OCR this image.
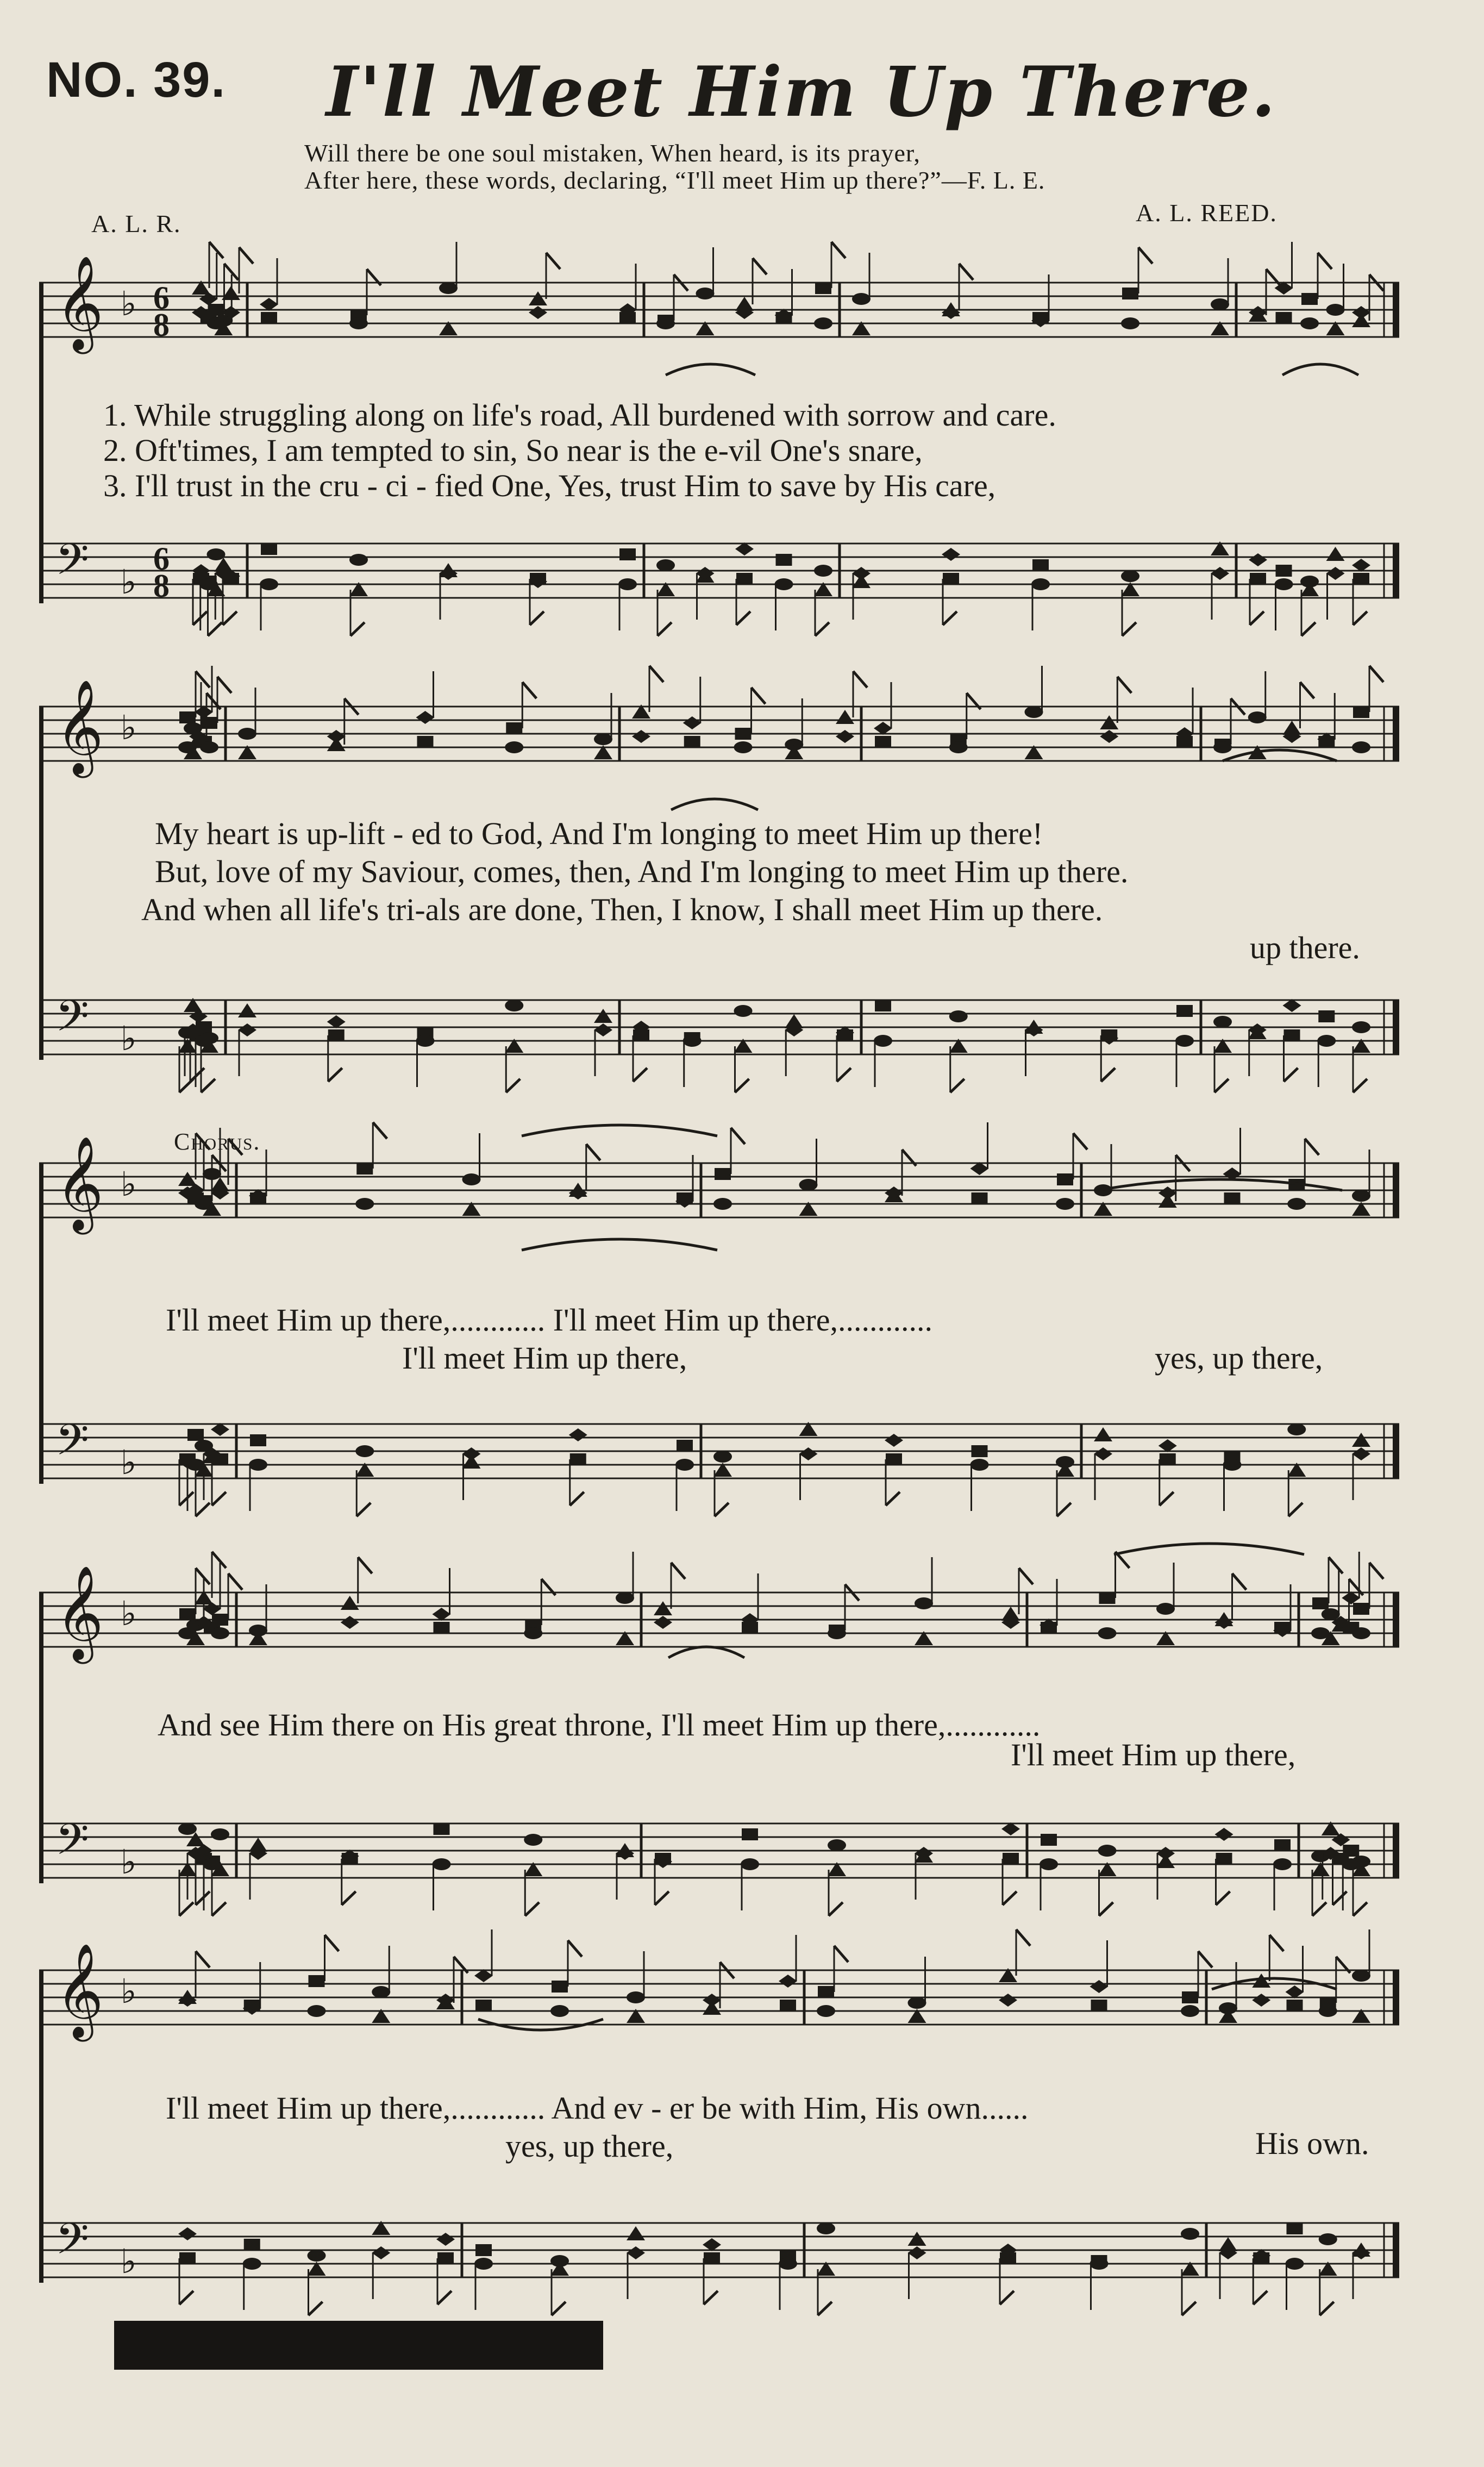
𝄞 ♭ 6
8
𝄢 ♭
6
8
𝄞 ♭
𝄢 ♭
𝄞 ♭
𝄢 ♭
𝄞 ♭
𝄢 ♭
𝄞 ♭
𝄢 ♭
NO. 39. I'll Meet Him Up There.
Will there be one soul mistaken, When heard, is its prayer,
After here, these words, declaring, “I'll meet Him up there?”—F. L. E.
A. L. R.	A. L. REED.
1. While struggling along on life's road, All burdened with sorrow and care.
2. Oft'times, I am tempted to sin, So near is the e-vil One's snare,
3. I'll trust in the cru - ci - fied One, Yes, trust Him to save by His care,
My heart is up-lift - ed to God, And I'm longing to meet Him up there!
But, love of my Saviour, comes, then, And I'm longing to meet Him up there.
And when all life's tri-als are done, Then, I know, I shall meet Him up there.
up there.
Chorus.
I'll meet Him up there,............ I'll meet Him up there,............
I'll meet Him up there,	yes, up there,
And see Him there on His great throne, I'll meet Him up there,............
I'll meet Him up there,
I'll meet Him up there,............ And ev - er be with Him, His own......
yes, up there,	His own.
